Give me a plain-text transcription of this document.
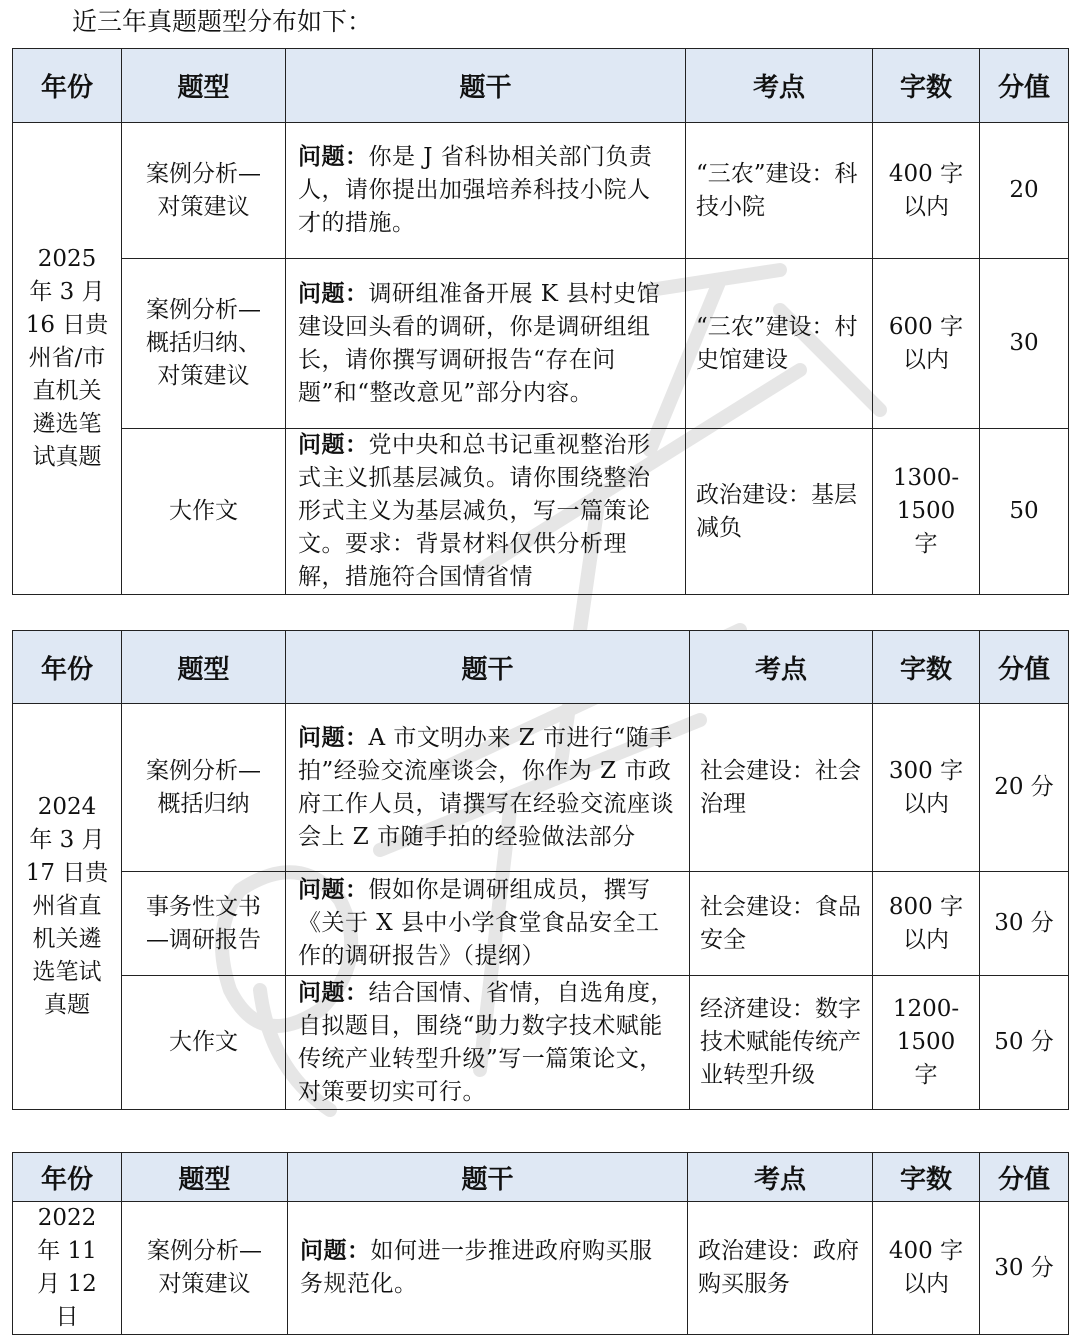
近三年真题题型分布如下：
年份	题型	题干	考点	字数	分值
2025 年 3 月 16 日贵州省/市直机关遴选笔试真题	案例分析—对策建议	问题：你是 J 省科协相关部门负责人，请你提出加强培养科技小院人才的措施。	“三农”建设：科技小院	400 字以内	20
	案例分析—概括归纳、对策建议	问题：调研组准备开展 K 县村史馆建设回头看的调研，你是调研组组长，请你撰写调研报告“存在问题”和“整改意见”部分内容。	“三农”建设：村史馆建设	600 字以内	30
	大作文	问题：党中央和总书记重视整治形式主义抓基层减负。请你围绕整治形式主义为基层减负，写一篇策论文。要求：背景材料仅供分析理解，措施符合国情省情	政治建设：基层减负	1300-1500 字	50
年份	题型	题干	考点	字数	分值
2024 年 3 月 17 日贵州省直机关遴选笔试真题	案例分析—概括归纳	问题：A 市文明办来 Z 市进行“随手拍”经验交流座谈会，你作为 Z 市政府工作人员，请撰写在经验交流座谈会上 Z 市随手拍的经验做法部分	社会建设：社会治理	300 字以内	20 分
	事务性文书—调研报告	问题：假如你是调研组成员，撰写《关于 X 县中小学食堂食品安全工作的调研报告》（提纲）	社会建设：食品安全	800 字以内	30 分
	大作文	问题：结合国情、省情，自选角度，自拟题目，围绕“助力数字技术赋能传统产业转型升级”写一篇策论文，对策要切实可行。	经济建设：数字技术赋能传统产业转型升级	1200-1500 字	50 分
年份	题型	题干	考点	字数	分值
2022 年 11 月 12 日	案例分析—对策建议	问题：如何进一步推进政府购买服务规范化。	政治建设：政府购买服务	400 字以内	30 分
